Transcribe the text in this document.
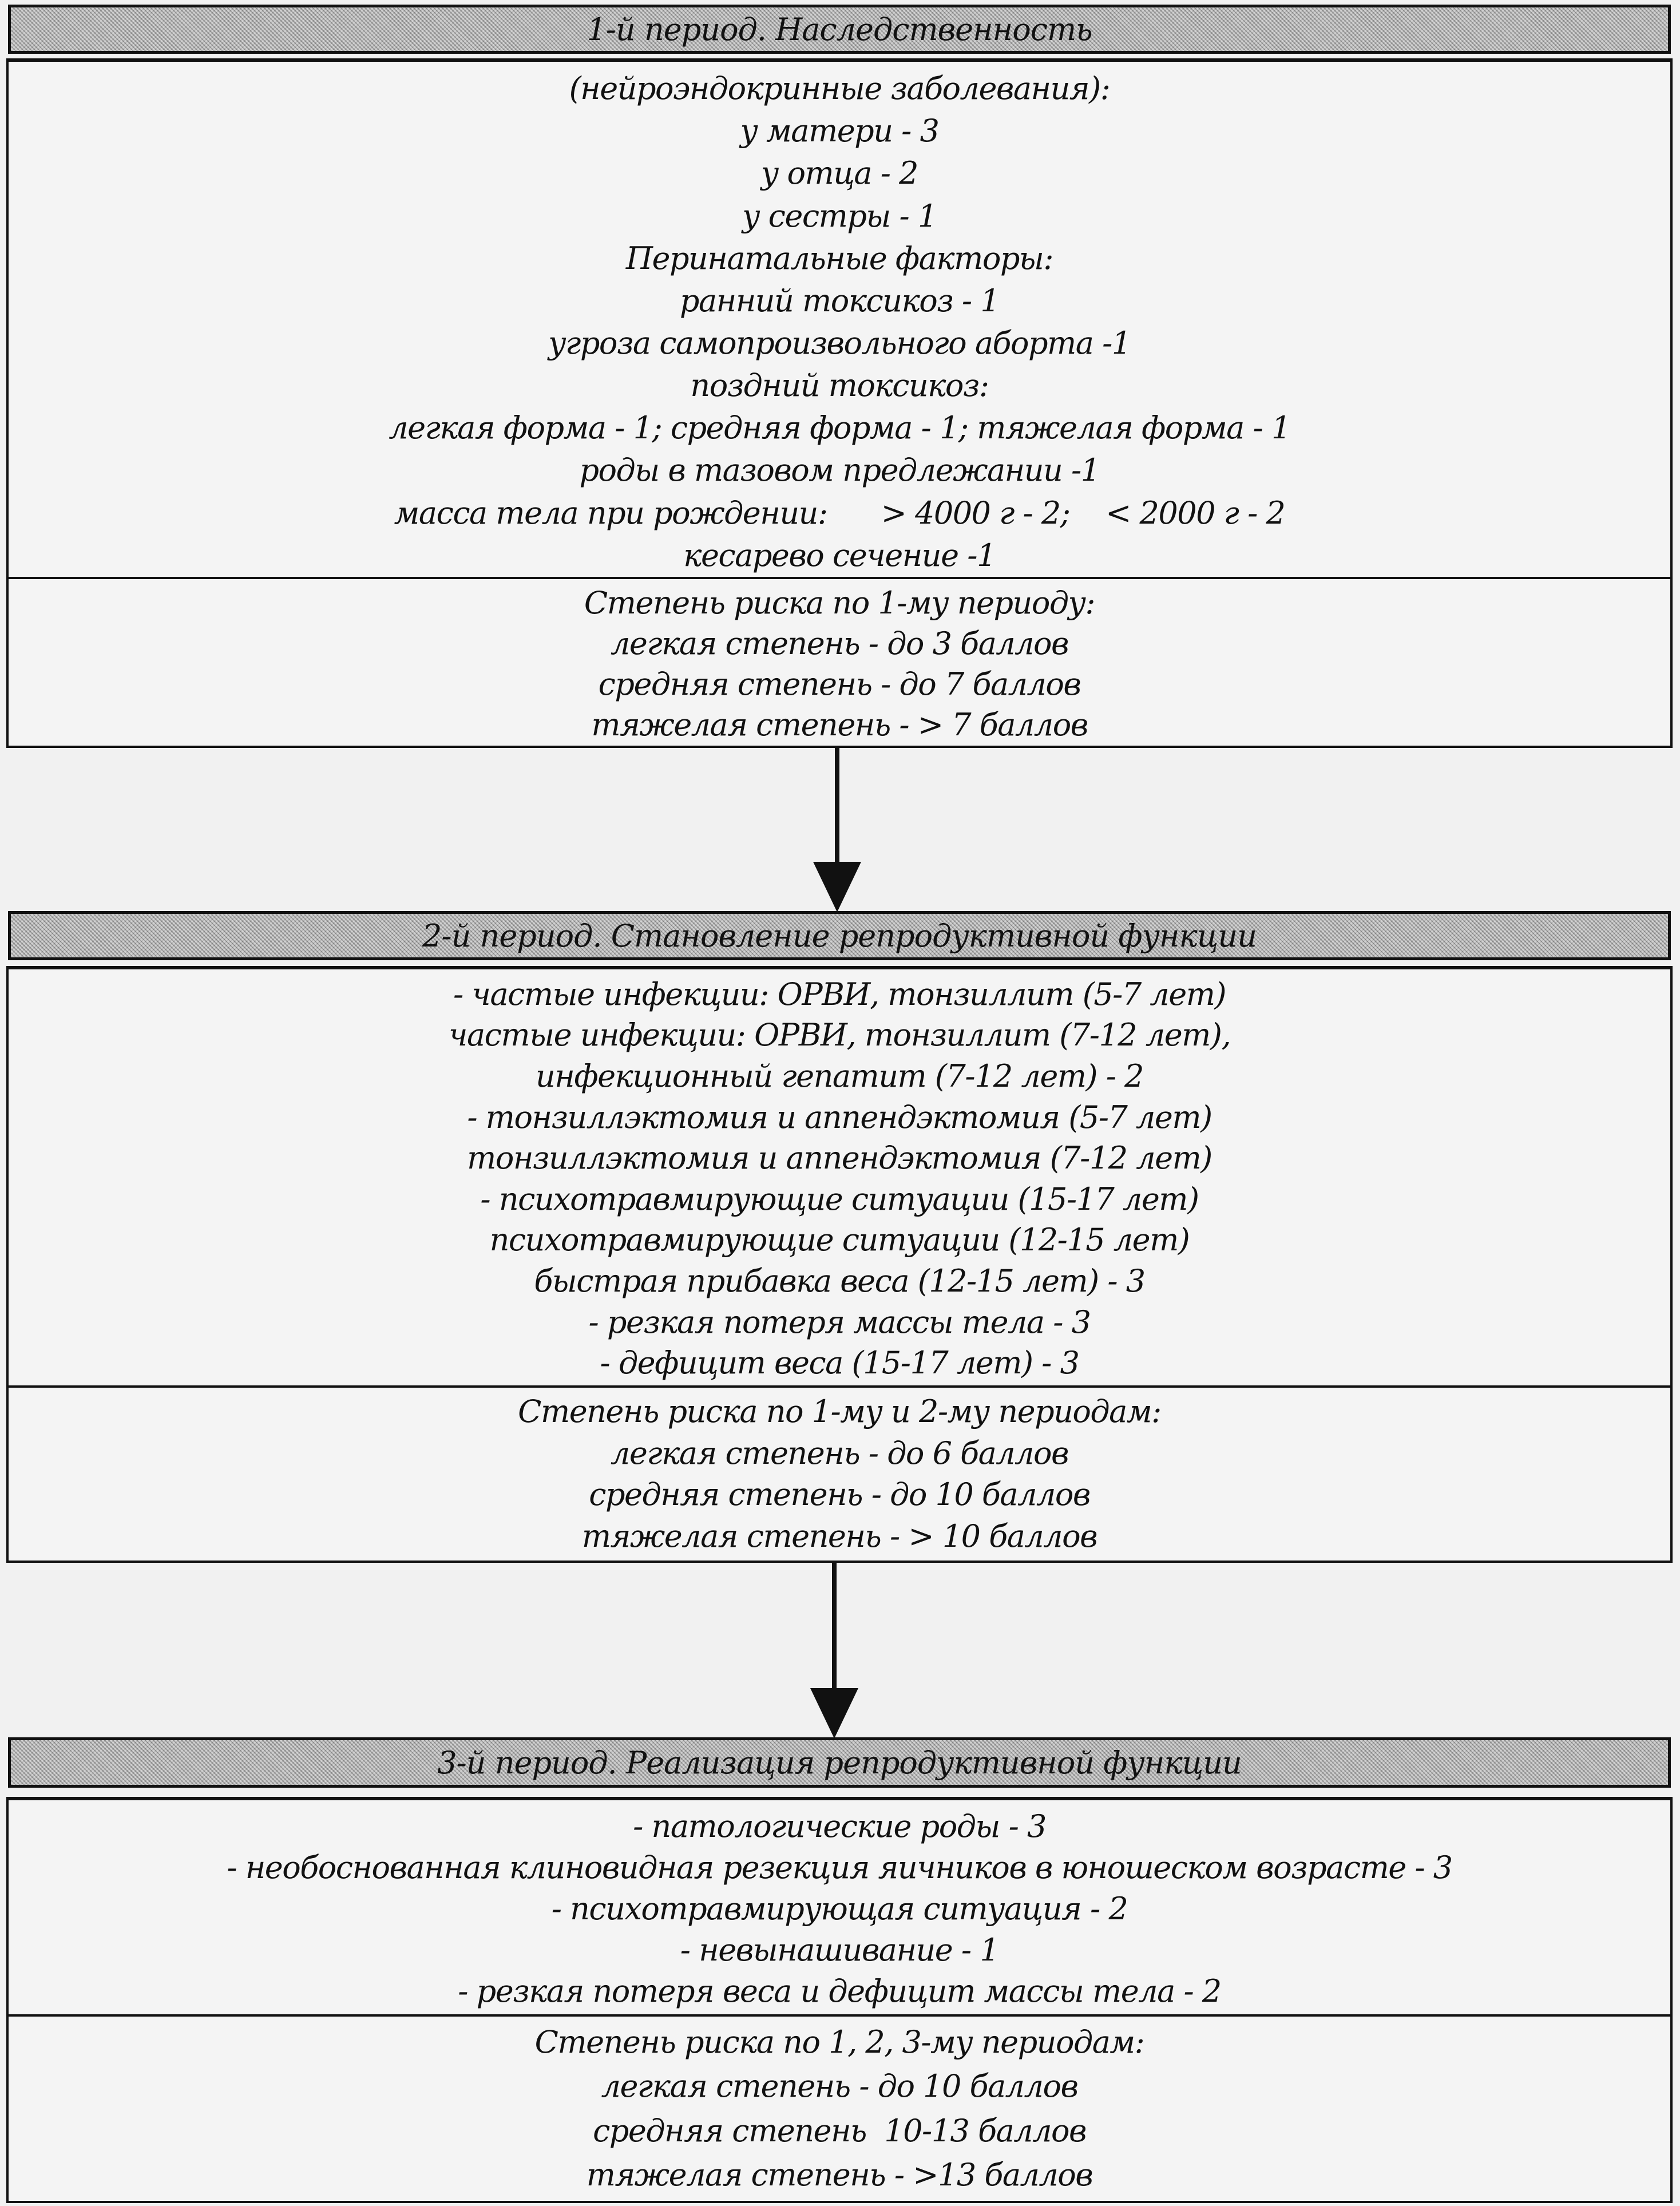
1-й период. Наследственность
(нейроэндокринные заболевания):
у матери - 3
у отца - 2
у сестры - 1
Перинатальные факторы:
ранний токсикоз - 1
угроза самопроизвольного аборта -1
поздний токсикоз:
легкая форма - 1; средняя форма - 1; тяжелая форма - 1
роды в тазовом предлежании -1
масса тела при рождении:      > 4000 г - 2;    < 2000 г - 2
кесарево сечение -1
Степень риска по 1-му периоду:
легкая степень - до 3 баллов
средняя степень - до 7 баллов
тяжелая степень - > 7 баллов
2-й период. Становление репродуктивной функции
- частые инфекции: ОРВИ, тонзиллит (5-7 лет)
частые инфекции: ОРВИ, тонзиллит (7-12 лет),
инфекционный гепатит (7-12 лет) - 2
- тонзиллэктомия и аппендэктомия (5-7 лет)
тонзиллэктомия и аппендэктомия (7-12 лет)
- психотравмирующие ситуации (15-17 лет)
психотравмирующие ситуации (12-15 лет)
быстрая прибавка веса (12-15 лет) - 3
- резкая потеря массы тела - 3
- дефицит веса (15-17 лет) - 3
Степень риска по 1-му и 2-му периодам:
легкая степень - до 6 баллов
средняя степень - до 10 баллов
тяжелая степень - > 10 баллов
3-й период. Реализация репродуктивной функции
- патологические роды - 3
- необоснованная клиновидная резекция яичников в юношеском возрасте - 3
- психотравмирующая ситуация - 2
- невынашивание - 1
- резкая потеря веса и дефицит массы тела - 2
Степень риска по 1, 2, 3-му периодам:
легкая степень - до 10 баллов
средняя степень  10-13 баллов
тяжелая степень - >13 баллов
